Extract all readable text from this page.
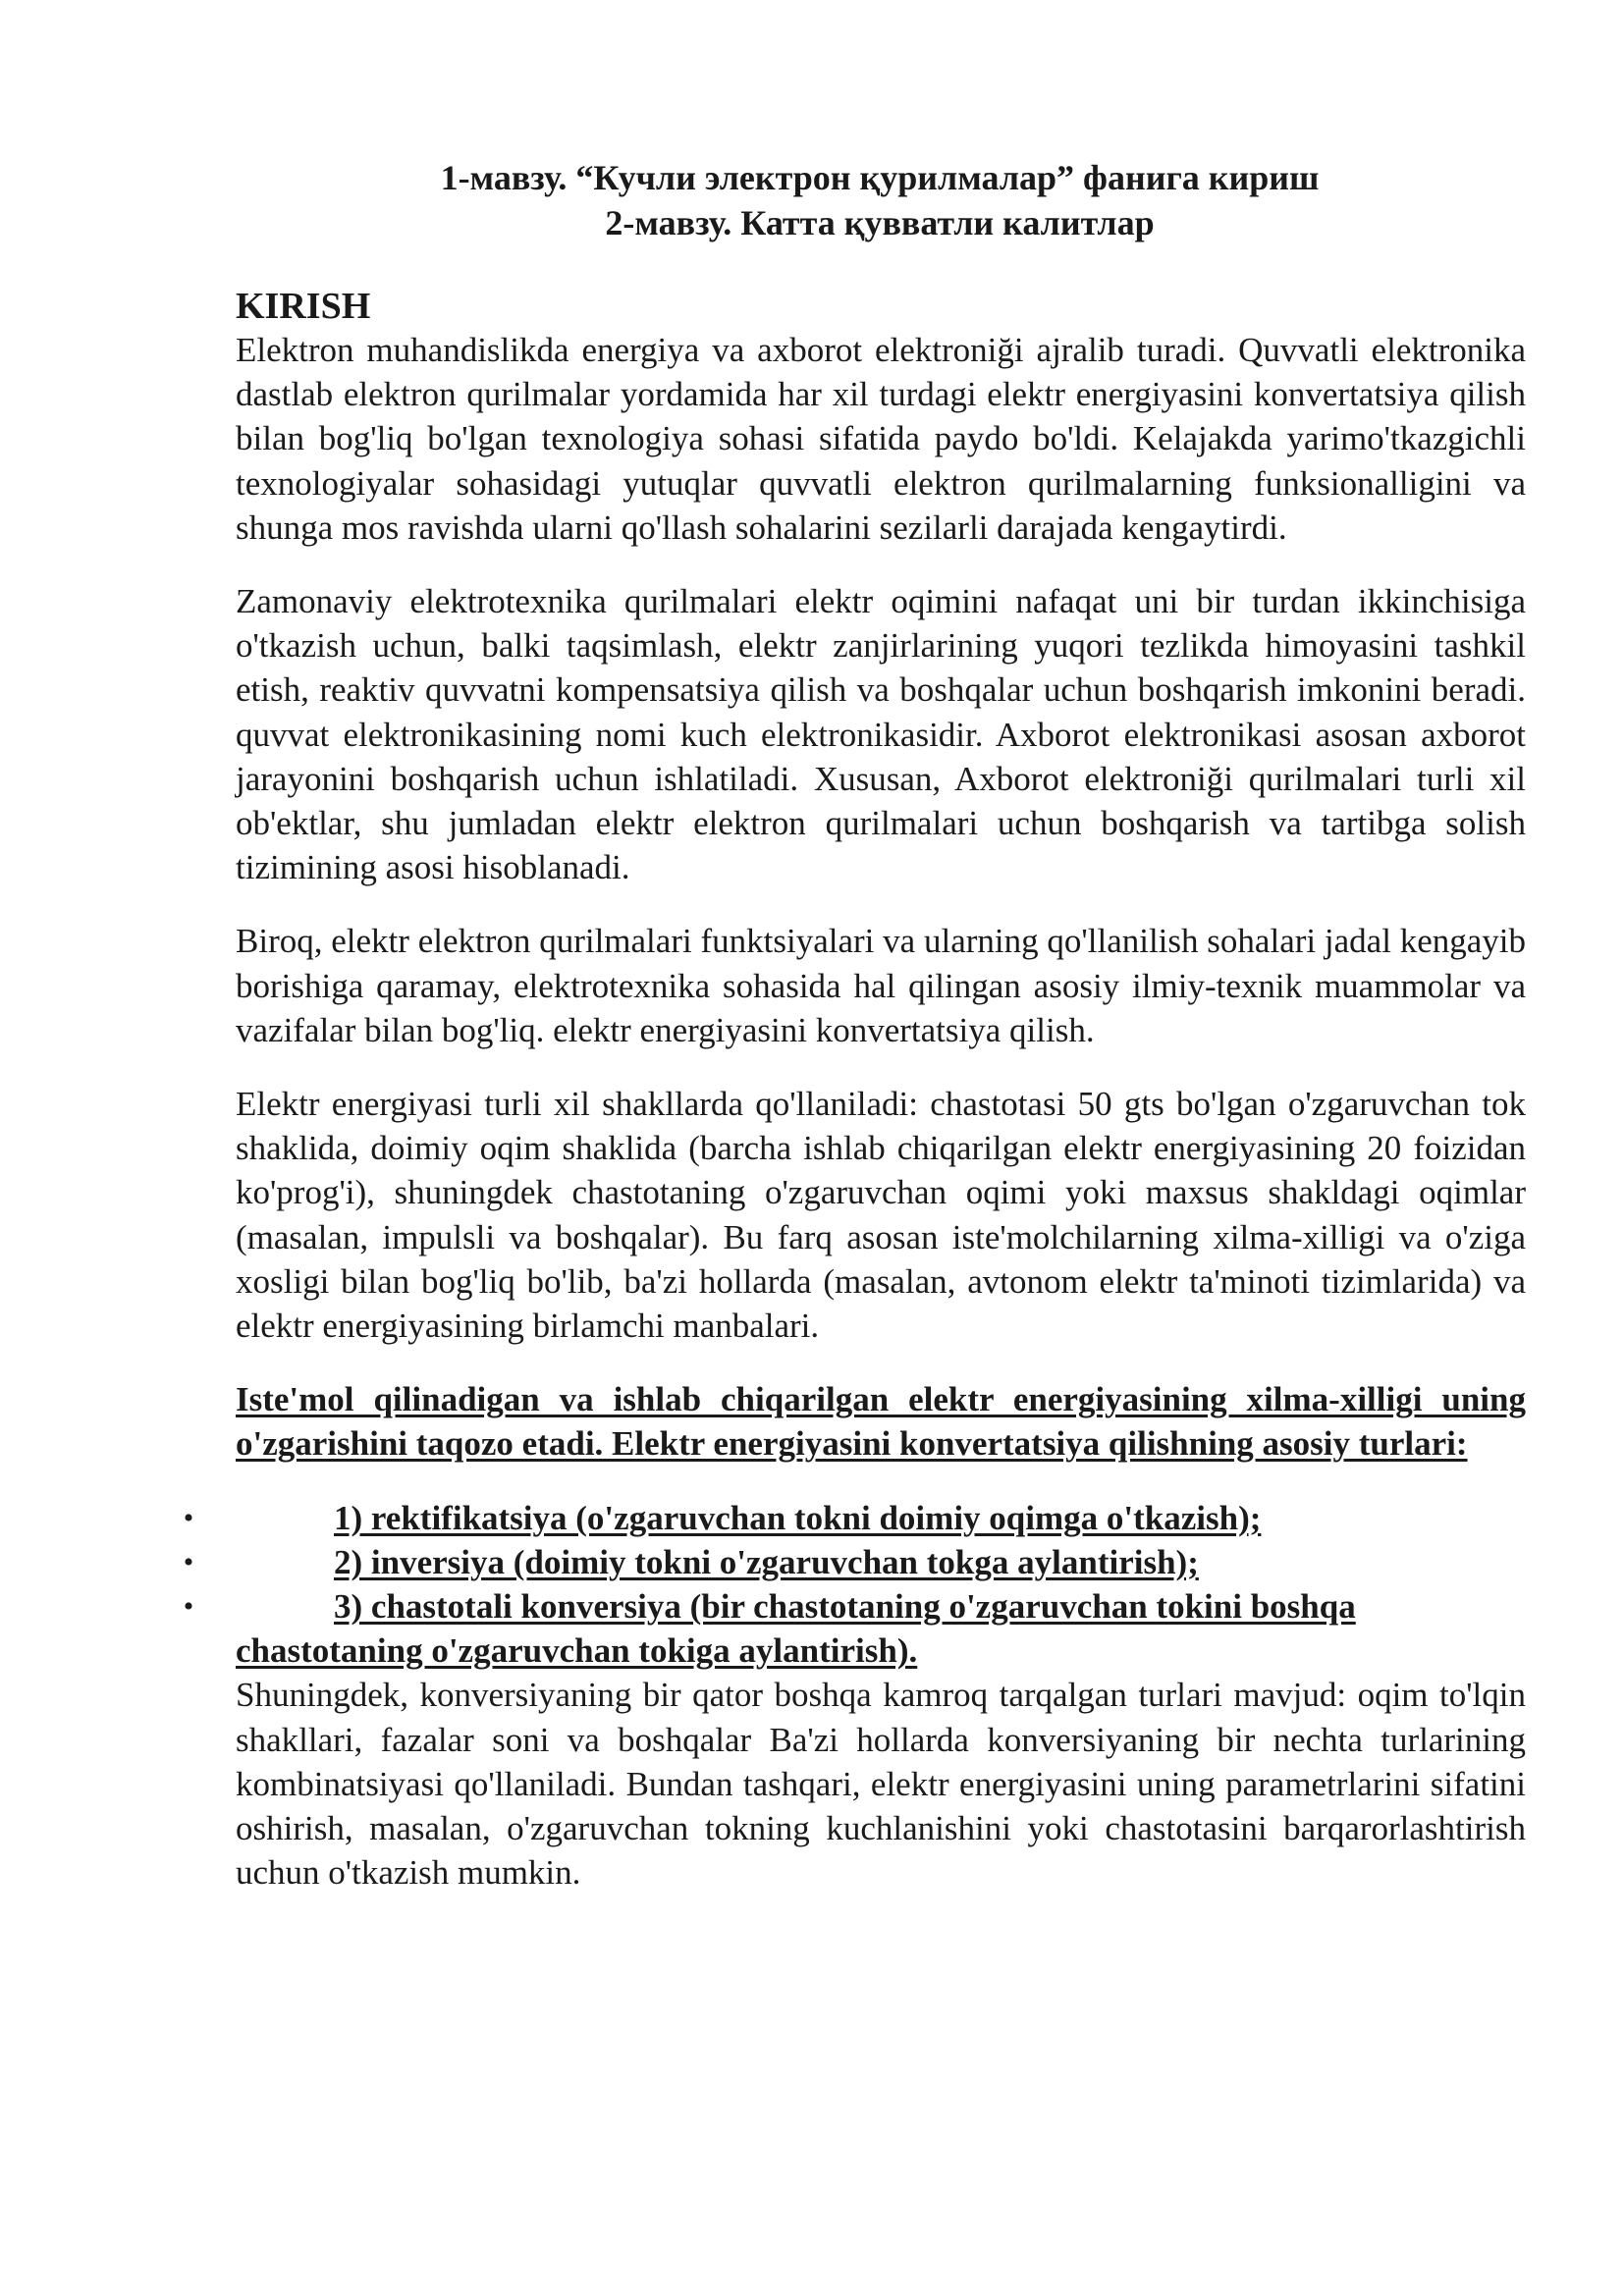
1-мавзу. “Кучли электрон қурилмалар” фанига кириш
2-мавзу. Катта қувватли калитлар
KIRISH

Elektron muhandislikda energiya va axborot elektroniği ajralib turadi. Quvvatli elektronika dastlab elektron qurilmalar yordamida har xil turdagi elektr energiyasini konvertatsiya qilish bilan bog'liq bo'lgan texnologiya sohasi sifatida paydo bo'ldi. Kelajakda yarimo'tkazgichli texnologiyalar sohasidagi yutuqlar quvvatli elektron qurilmalarning funksionalligini va shunga mos ravishda ularni qo'llash sohalarini sezilarli darajada kengaytirdi.

Zamonaviy elektrotexnika qurilmalari elektr oqimini nafaqat uni bir turdan ikkinchisiga o'tkazish uchun, balki taqsimlash, elektr zanjirlarining yuqori tezlikda himoyasini tashkil etish, reaktiv quvvatni kompensatsiya qilish va boshqalar uchun boshqarish imkonini beradi. quvvat elektronikasining nomi kuch elektronikasidir. Axborot elektronikasi asosan axborot jarayonini boshqarish uchun ishlatiladi. Xususan, Axborot elektroniği qurilmalari turli xil ob'ektlar, shu jumladan elektr elektron qurilmalari uchun boshqarish va tartibga solish tizimining asosi hisoblanadi.

Biroq, elektr elektron qurilmalari funktsiyalari va ularning qo'llanilish sohalari jadal kengayib borishiga qaramay, elektrotexnika sohasida hal qilingan asosiy ilmiy-texnik muammolar va vazifalar bilan bog'liq. elektr energiyasini konvertatsiya qilish.

Elektr energiyasi turli xil shakllarda qo'llaniladi: chastotasi 50 gts bo'lgan o'zgaruvchan tok shaklida, doimiy oqim shaklida (barcha ishlab chiqarilgan elektr energiyasining 20 foizidan ko'prog'i), shuningdek chastotaning o'zgaruvchan oqimi yoki maxsus shakldagi oqimlar (masalan, impulsli va boshqalar). Bu farq asosan iste'molchilarning xilma-xilligi va o'ziga xosligi bilan bog'liq bo'lib, ba'zi hollarda (masalan, avtonom elektr ta'minoti tizimlarida) va elektr energiyasining birlamchi manbalari.

Iste'mol qilinadigan va ishlab chiqarilgan elektr energiyasining xilma-xilligi uning o'zgarishini taqozo etadi. Elektr energiyasini konvertatsiya qilishning asosiy turlari:

•	1) rektifikatsiya (o'zgaruvchan tokni doimiy oqimga o'tkazish);
•	2) inversiya (doimiy tokni o'zgaruvchan tokga aylantirish);
•	3) chastotali konversiya (bir chastotaning o'zgaruvchan tokini boshqa chastotaning o'zgaruvchan tokiga aylantirish).

Shuningdek, konversiyaning bir qator boshqa kamroq tarqalgan turlari mavjud: oqim to'lqin shakllari, fazalar soni va boshqalar Ba'zi hollarda konversiyaning bir nechta turlarining kombinatsiyasi qo'llaniladi. Bundan tashqari, elektr energiyasini uning parametrlarini sifatini oshirish, masalan, o'zgaruvchan tokning kuchlanishini yoki chastotasini barqarorlashtirish uchun o'tkazish mumkin.
